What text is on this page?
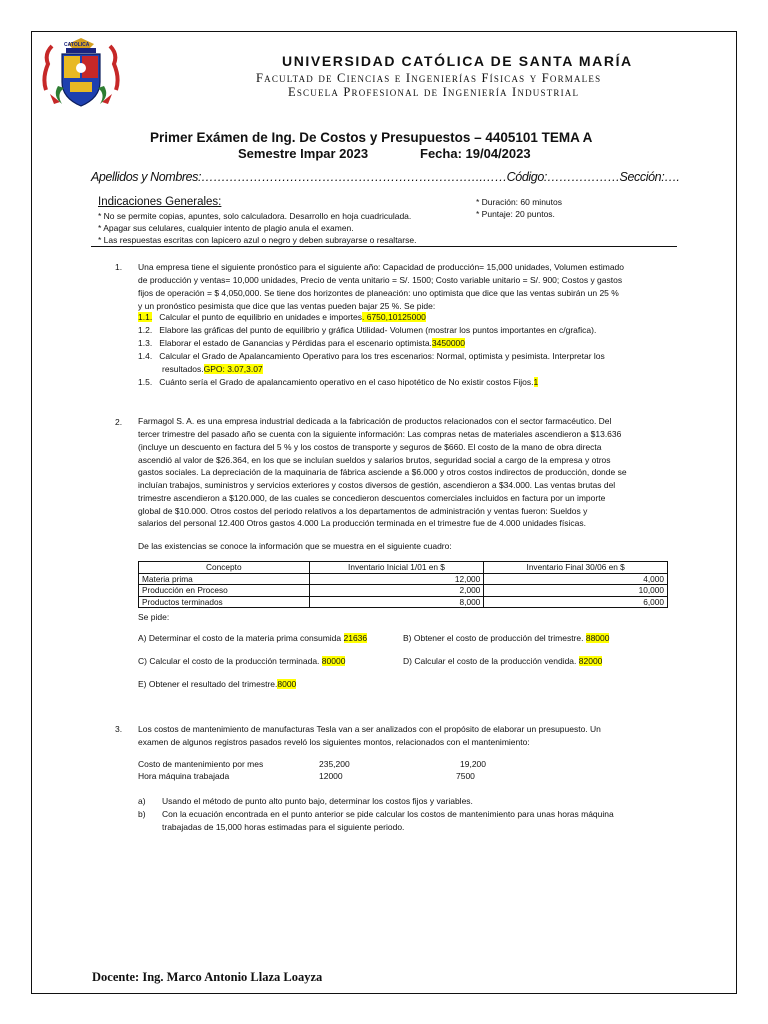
CATOLICA
UNIVERSIDAD CATÓLICA DE SANTA MARÍA
Facultad de Ciencias e Ingenierías Físicas y Formales
Escuela Profesional de Ingeniería Industrial
Primer Exámen de Ing. De Costos y Presupuestos – 4405101 TEMA A
Semestre Impar 2023	Fecha: 19/04/2023
Apellidos y Nombres:…………………………………………………………….……Código:………………Sección:….
Indicaciones Generales:
* No se permite copias, apuntes, solo calculadora. Desarrollo en hoja cuadriculada.
* Apagar sus celulares, cualquier intento de plagio anula el examen.
* Las respuestas escritas con lapicero azul o negro y deben subrayarse o resaltarse.
* Duración: 60 minutos
* Puntaje: 20 puntos.
1. Una empresa tiene el siguiente pronóstico para el siguiente año: Capacidad de producción= 15,000 unidades, Volumen estimado
de producción y ventas= 10,000 unidades, Precio de venta unitario = S/. 1500; Costo variable unitario = S/. 900; Costos y gastos
fijos de operación = $ 4,050,000. Se tiene dos horizontes de planeación: uno optimista que dice que las ventas subirán un 25 %
y un pronóstico pesimista que dice que las ventas pueden bajar 25 %. Se pide:
1.1. Calcular el punto de equilibrio en unidades e importes. 6750,10125000
1.2. Elabore las gráficas del punto de equilibrio y gráfica Utilidad- Volumen (mostrar los puntos importantes en c/grafica).
1.3. Elaborar el estado de Ganancias y Pérdidas para el escenario optimista.3450000
1.4. Calcular el Grado de Apalancamiento Operativo para los tres escenarios: Normal, optimista y pesimista. Interpretar los
resultados.GPO: 3.07,3.07
1.5. Cuánto sería el Grado de apalancamiento operativo en el caso hipotético de No existir costos Fijos.1
2. Farmagol S. A. es una empresa industrial dedicada a la fabricación de productos relacionados con el sector farmacéutico. Del
tercer trimestre del pasado año se cuenta con la siguiente información: Las compras netas de materiales ascendieron a $13.636
(incluye un descuento en factura del 5 % y los costos de transporte y seguros de $660. El costo de la mano de obra directa
ascendió al valor de $26.364, en los que se incluían sueldos y salarios brutos, seguridad social a cargo de la empresa y otros
gastos sociales. La depreciación de la maquinaria de fábrica asciende a $6.000 y otros costos indirectos de producción, donde se
incluían trabajos, suministros y servicios exteriores y costos diversos de gestión, ascendieron a $34.000. Las ventas brutas del
trimestre ascendieron a $120.000, de las cuales se concedieron descuentos comerciales incluidos en factura por un importe
global de $10.000. Otros costos del periodo relativos a los departamentos de administración y ventas fueron: Sueldos y
salarios del personal 12.400 Otros gastos 4.000 La producción terminada en el trimestre fue de 4.000 unidades físicas.
De las existencias se conoce la información que se muestra en el siguiente cuadro:
Concepto	Inventario Inicial 1/01 en $	Inventario Final 30/06 en $
Materia prima	12,000	4,000
Producción en Proceso	2,000	10,000
Productos terminados	8,000	6,000
Se pide:
A) Determinar el costo de la materia prima consumida 21636	B) Obtener el costo de producción del trimestre. 88000
C) Calcular el costo de la producción terminada. 80000	D) Calcular el costo de la producción vendida. 82000
E) Obtener el resultado del trimestre.8000
3. Los costos de mantenimiento de manufacturas Tesla van a ser analizados con el propósito de elaborar un presupuesto. Un
examen de algunos registros pasados reveló los siguientes montos, relacionados con el mantenimiento:
Costo de mantenimiento por mes	235,200	19,200
Hora máquina trabajada	12000	7500
a) Usando el método de punto alto punto bajo, determinar los costos fijos y variables.
b) Con la ecuación encontrada en el punto anterior se pide calcular los costos de mantenimiento para unas horas máquina
trabajadas de 15,000 horas estimadas para el siguiente periodo.
Docente: Ing. Marco Antonio Llaza Loayza
